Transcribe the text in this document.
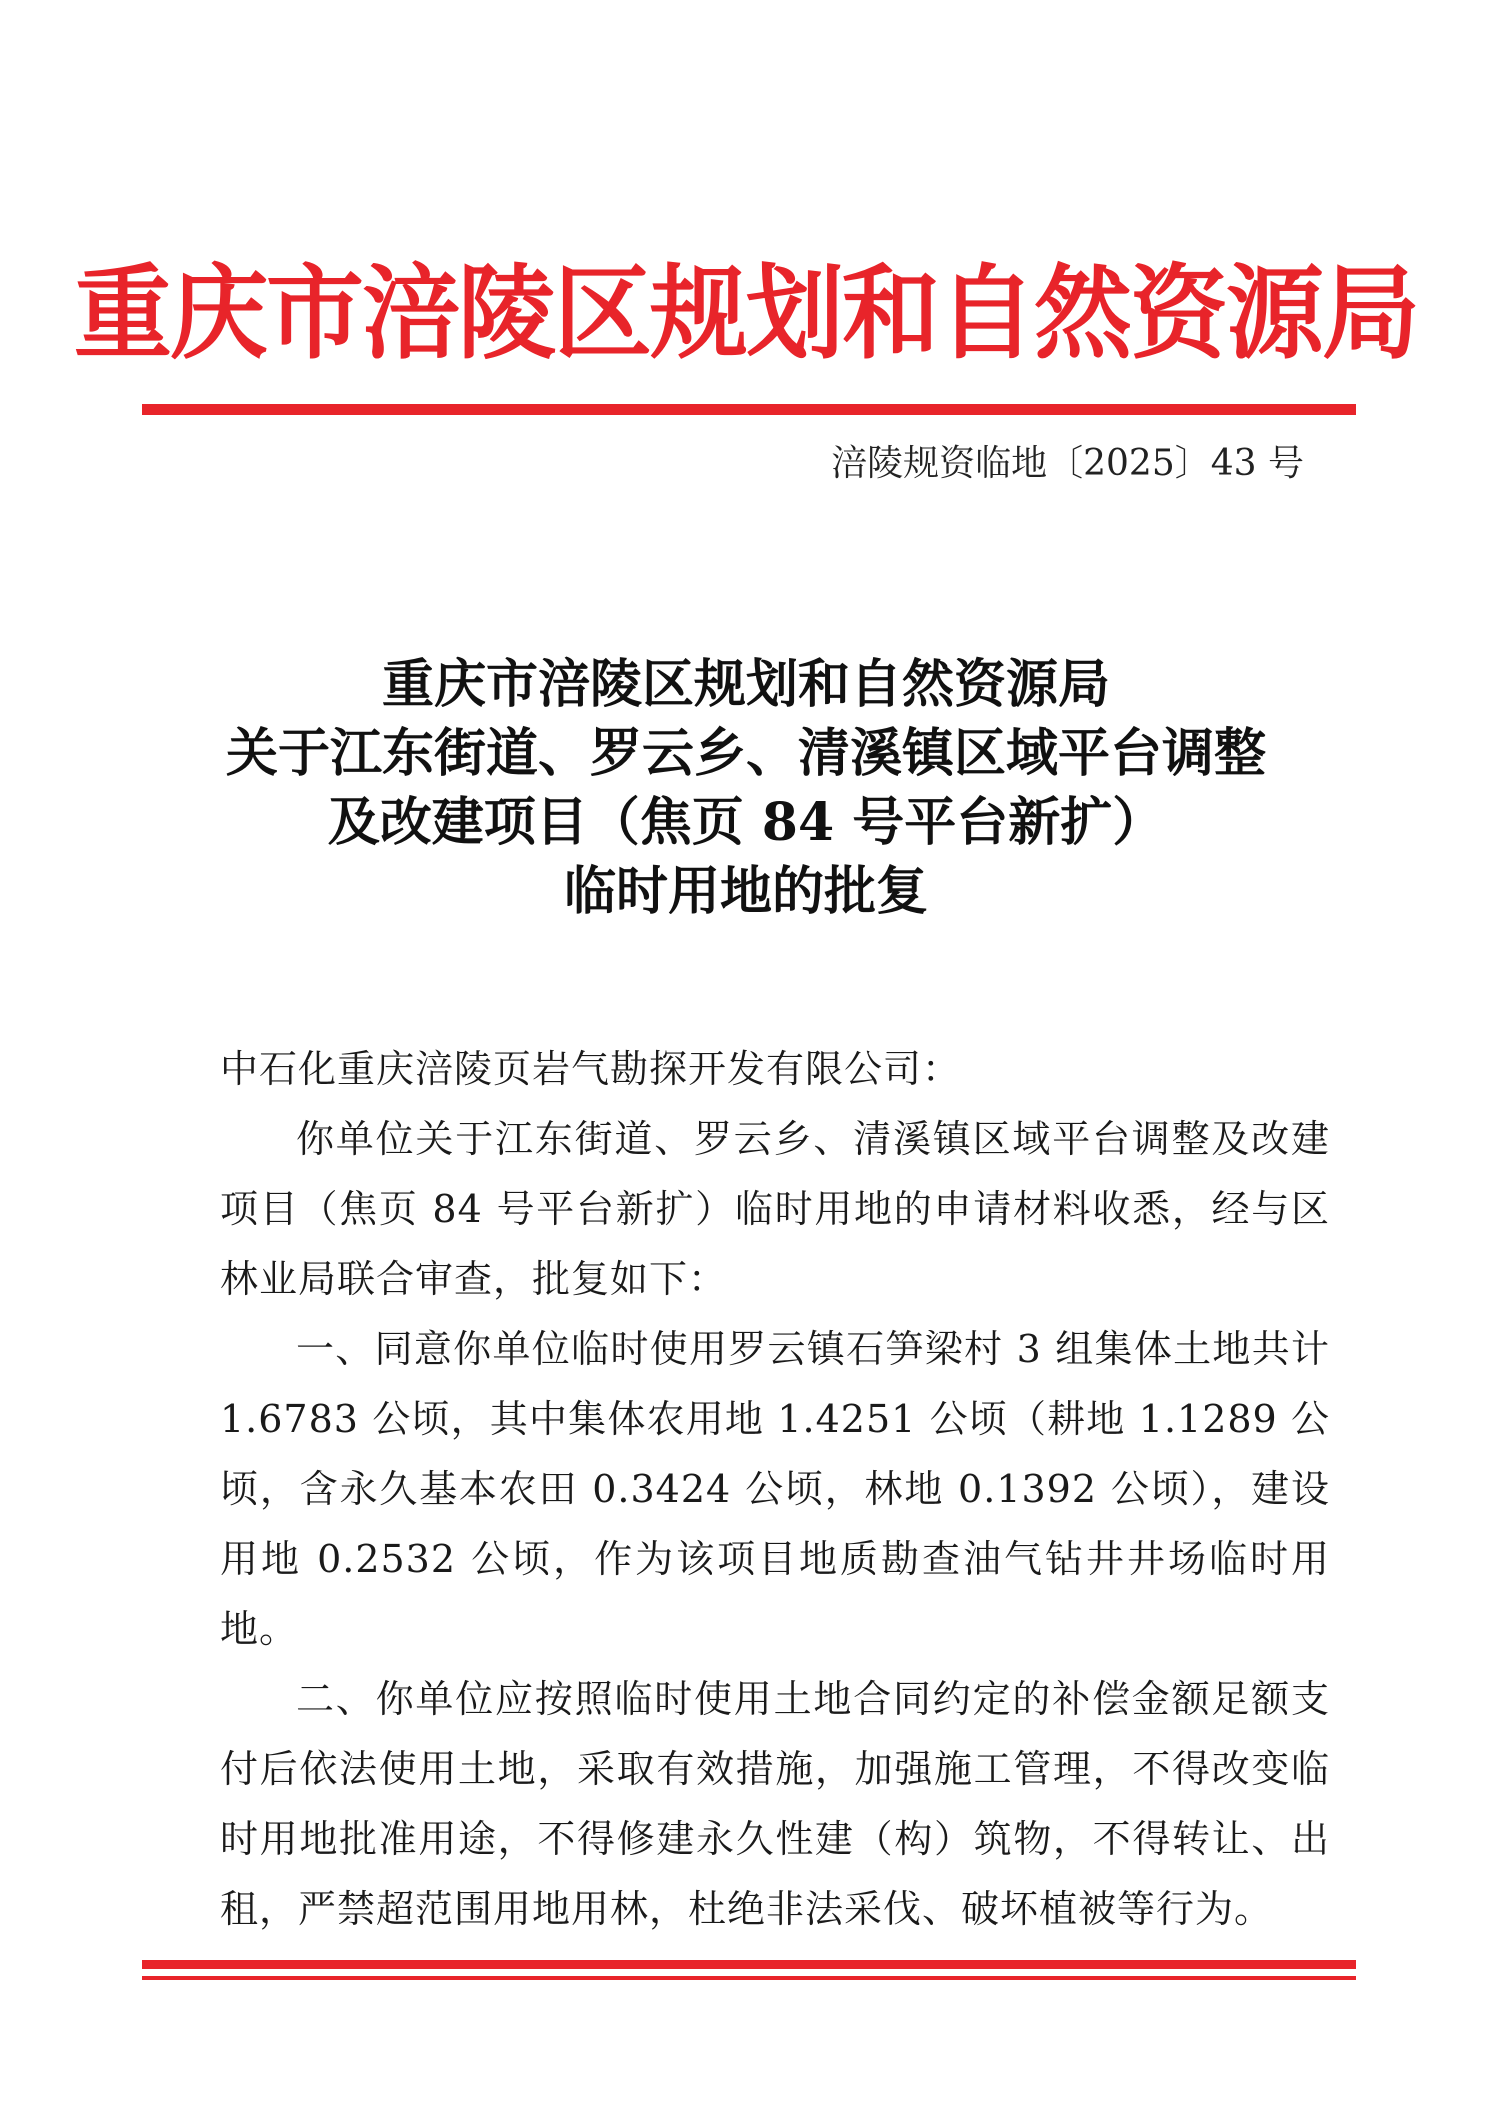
重庆市涪陵区规划和自然资源局
涪陵规资临地〔2025〕43 号
重庆市涪陵区规划和自然资源局
关于江东街道、罗云乡、清溪镇区域平台调整
及改建项目（焦页 84 号平台新扩）
临时用地的批复

中石化重庆涪陵页岩气勘探开发有限公司：

你单位关于江东街道、罗云乡、清溪镇区域平台调整及改建项目（焦页 84 号平台新扩）临时用地的申请材料收悉，经与区林业局联合审查，批复如下：

一、同意你单位临时使用罗云镇石笋梁村 3 组集体土地共计 1.6783 公顷，其中集体农用地 1.4251 公顷（耕地 1.1289 公顷，含永久基本农田 0.3424 公顷，林地 0.1392 公顷），建设用地 0.2532 公顷，作为该项目地质勘查油气钻井井场临时用地。

二、你单位应按照临时使用土地合同约定的补偿金额足额支付后依法使用土地，采取有效措施，加强施工管理，不得改变临时用地批准用途，不得修建永久性建（构）筑物，不得转让、出租，严禁超范围用地用林，杜绝非法采伐、破坏植被等行为。
